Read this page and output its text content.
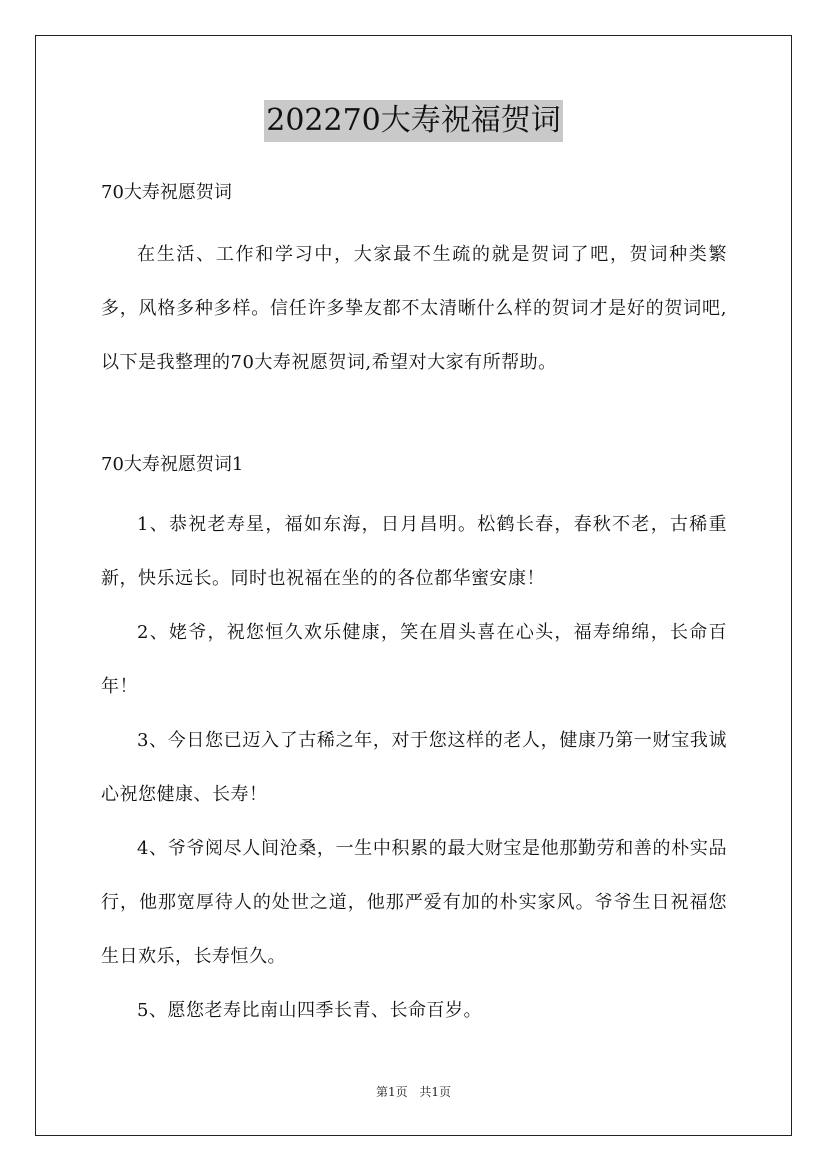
202270大寿祝福贺词
70大寿祝愿贺词

在生活、工作和学习中，大家最不生疏的就是贺词了吧，贺词种类繁多，风格多种多样。信任许多挚友都不太清晰什么样的贺词才是好的贺词吧,以下是我整理的70大寿祝愿贺词,希望对大家有所帮助。

70大寿祝愿贺词1

1、恭祝老寿星，福如东海，日月昌明。松鹤长春，春秋不老，古稀重新，快乐远长。同时也祝福在坐的的各位都华蜜安康！

2、姥爷，祝您恒久欢乐健康，笑在眉头喜在心头，福寿绵绵，长命百年！

3、今日您已迈入了古稀之年，对于您这样的老人，健康乃第一财宝我诚心祝您健康、长寿！

4、爷爷阅尽人间沧桑，一生中积累的最大财宝是他那勤劳和善的朴实品行，他那宽厚待人的处世之道，他那严爱有加的朴实家风。爷爷生日祝福您生日欢乐，长寿恒久。

5、愿您老寿比南山四季长青、长命百岁。

第1页 共1页
